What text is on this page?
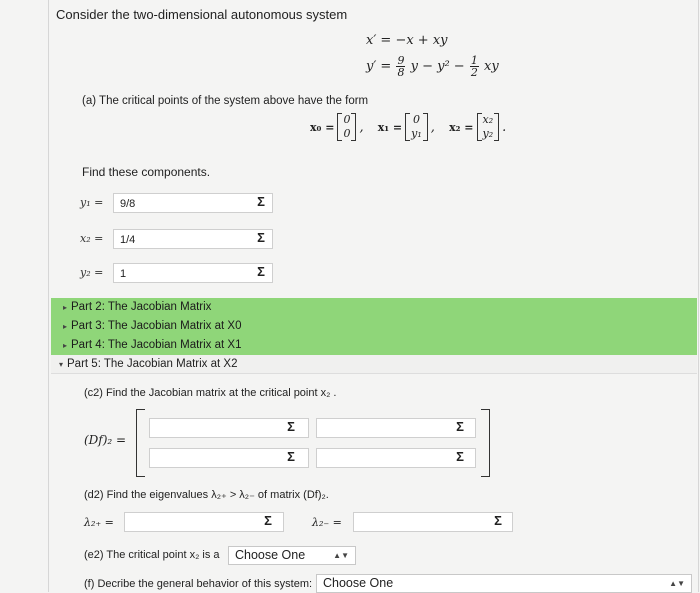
Consider the two-dimensional autonomous system
x′ = −x + xy
$y' = \frac{9}{8}$ $y - y^2 - \frac{1}{2}$ xy
(a) The critical points of the system above have the form
x₀ =
0
0 , x₁ =
0
y₁ , x₂ =
x₂
y₂ .
Find these components.
y₁ =	9/8	Σ
x₂ =	1/4	Σ
y₂ =	1	Σ
▸ Part 2: The Jacobian Matrix
▸ Part 3: The Jacobian Matrix at X0
▸ Part 4: The Jacobian Matrix at X1
▾ Part 5: The Jacobian Matrix at X2
(c2) Find the Jacobian matrix at the critical point x₂ .
(Df)₂ =
Σ	Σ
Σ	Σ
(d2) Find the eigenvalues λ₂₊ > λ₂₋ of matrix (Df)₂.
λ₂₊ =	Σ	λ₂₋ =	Σ
(e2) The critical point x₂ is a	Choose One	▲▼
(f) Decribe the general behavior of this system: Choose One	▲▼
